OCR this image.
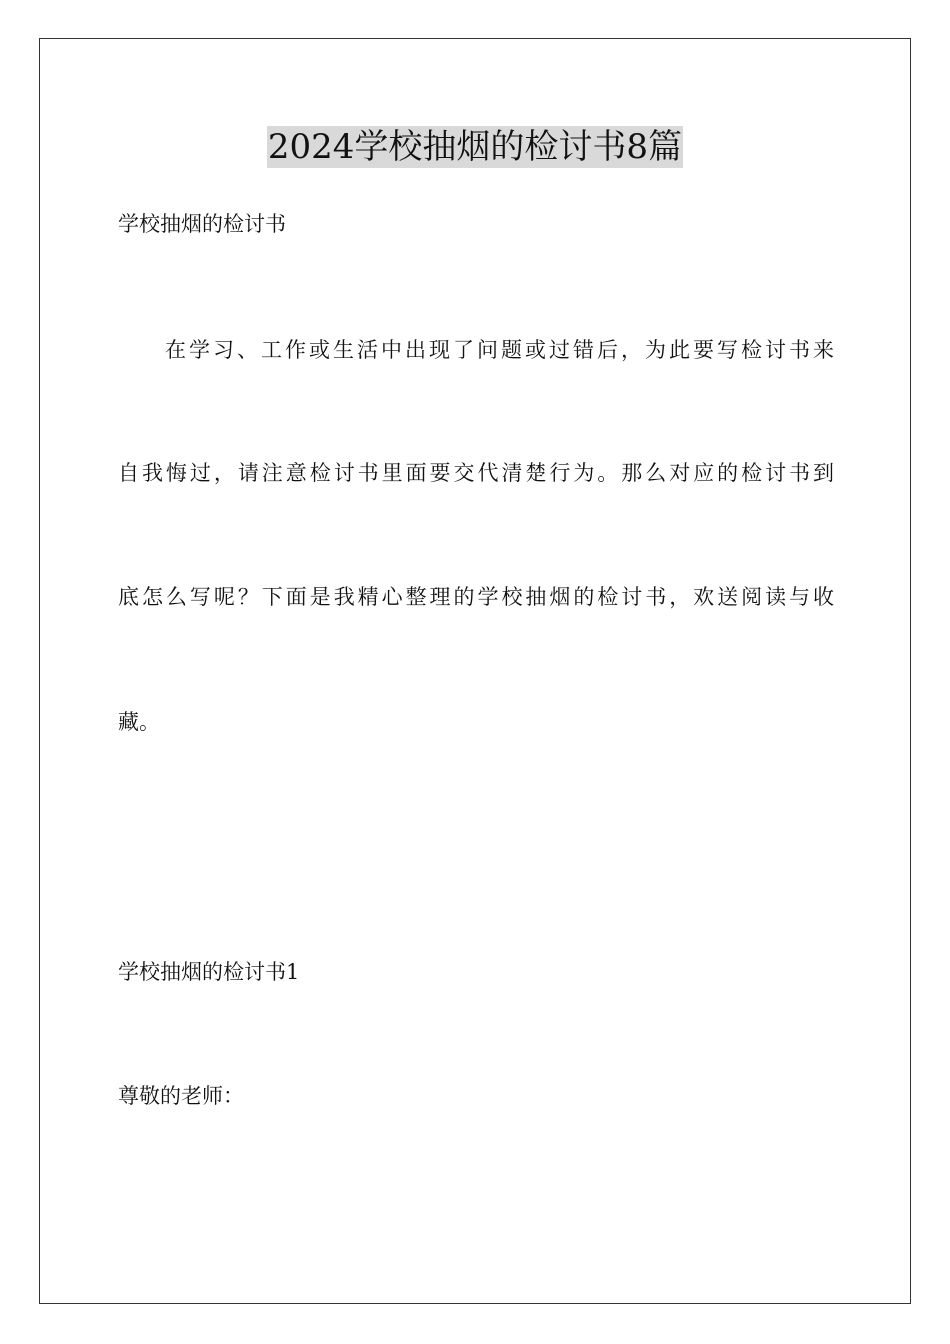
2024学校抽烟的检讨书8篇

学校抽烟的检讨书

在学习、工作或生活中出现了问题或过错后，为此要写检讨书来

自我悔过，请注意检讨书里面要交代清楚行为。那么对应的检讨书到

底怎么写呢？下面是我精心整理的学校抽烟的检讨书，欢送阅读与收

藏。

学校抽烟的检讨书1

尊敬的老师：
